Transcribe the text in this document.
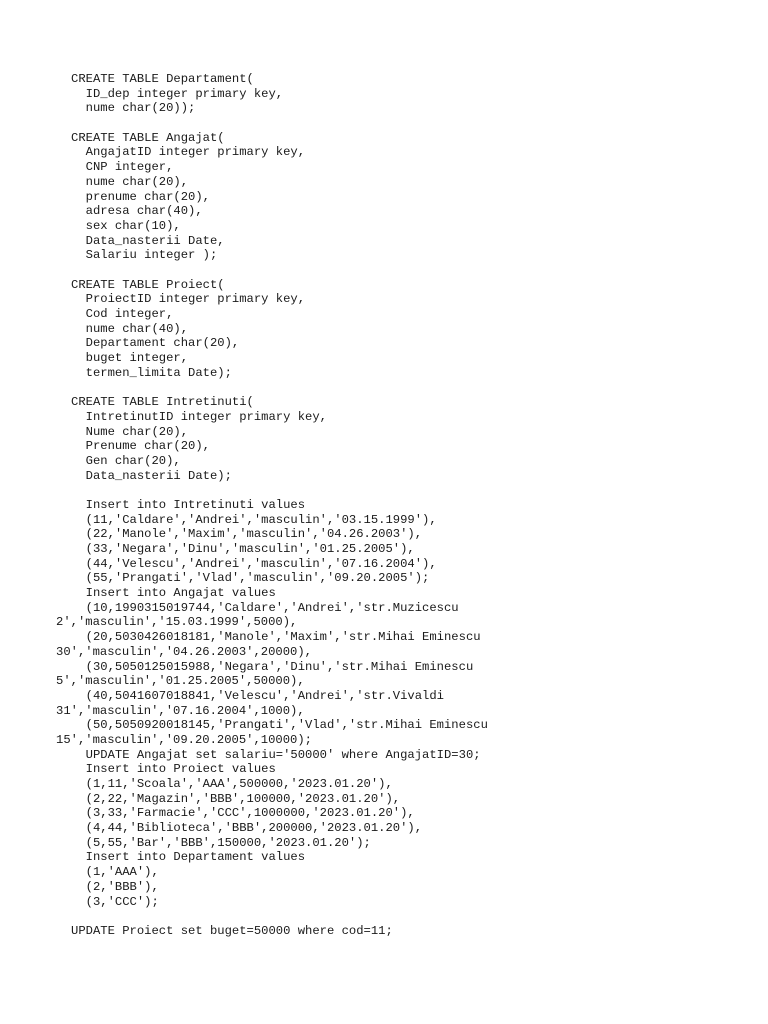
CREATE TABLE Departament(
ID_dep integer primary key,
nume char(20));
CREATE TABLE Angajat(
AngajatID integer primary key,
CNP integer,
nume char(20),
prenume char(20),
adresa char(40),
sex char(10),
Data_nasterii Date,
Salariu integer );
CREATE TABLE Proiect(
ProiectID integer primary key,
Cod integer,
nume char(40),
Departament char(20),
buget integer,
termen_limita Date);
CREATE TABLE Intretinuti(
IntretinutID integer primary key,
Nume char(20),
Prenume char(20),
Gen char(20),
Data_nasterii Date);
Insert into Intretinuti values
(11,'Caldare','Andrei','masculin','03.15.1999'),
(22,'Manole','Maxim','masculin','04.26.2003'),
(33,'Negara','Dinu','masculin','01.25.2005'),
(44,'Velescu','Andrei','masculin','07.16.2004'),
(55,'Prangati','Vlad','masculin','09.20.2005');
Insert into Angajat values
(10,1990315019744,'Caldare','Andrei','str.Muzicescu
2','masculin','15.03.1999',5000),
(20,5030426018181,'Manole','Maxim','str.Mihai Eminescu
30','masculin','04.26.2003',20000),
(30,5050125015988,'Negara','Dinu','str.Mihai Eminescu
5','masculin','01.25.2005',50000),
(40,5041607018841,'Velescu','Andrei','str.Vivaldi
31','masculin','07.16.2004',1000),
(50,5050920018145,'Prangati','Vlad','str.Mihai Eminescu
15','masculin','09.20.2005',10000);
UPDATE Angajat set salariu='50000' where AngajatID=30;
Insert into Proiect values
(1,11,'Scoala','AAA',500000,'2023.01.20'),
(2,22,'Magazin','BBB',100000,'2023.01.20'),
(3,33,'Farmacie','CCC',1000000,'2023.01.20'),
(4,44,'Biblioteca','BBB',200000,'2023.01.20'),
(5,55,'Bar','BBB',150000,'2023.01.20');
Insert into Departament values
(1,'AAA'),
(2,'BBB'),
(3,'CCC');
UPDATE Proiect set buget=50000 where cod=11;
